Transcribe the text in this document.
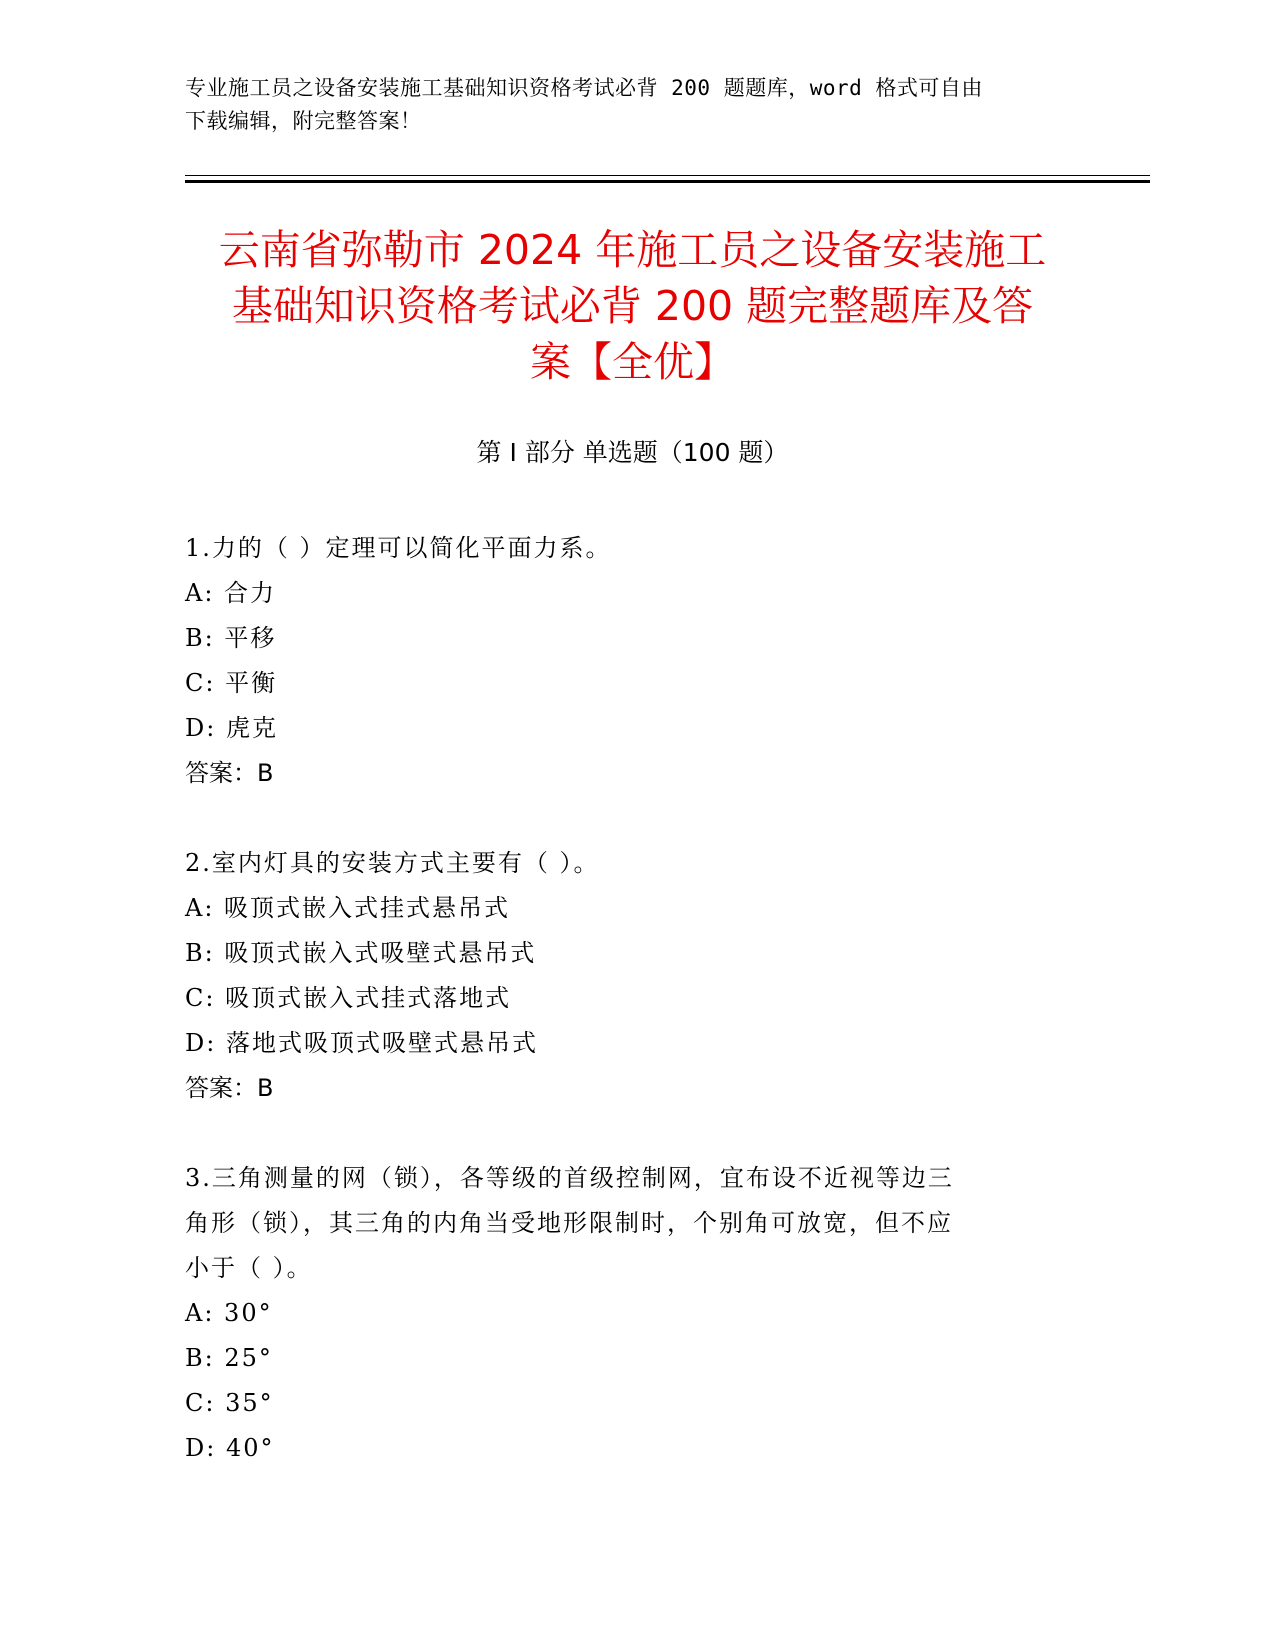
专业施工员之设备安装施工基础知识资格考试必背 200 题题库，word 格式可自由
下载编辑，附完整答案！
云南省弥勒市 2024 年施工员之设备安装施工
基础知识资格考试必背 200 题完整题库及答
案【全优】
第 I 部分 单选题（100 题）
1.力的（ ）定理可以简化平面力系。
A: 合力
B: 平移
C: 平衡
D: 虎克
答案：B
2.室内灯具的安装方式主要有（ ）。
A: 吸顶式嵌入式挂式悬吊式
B: 吸顶式嵌入式吸壁式悬吊式
C: 吸顶式嵌入式挂式落地式
D: 落地式吸顶式吸壁式悬吊式
答案：B
3.三角测量的网（锁），各等级的首级控制网，宜布设不近视等边三
角形（锁），其三角的内角当受地形限制时，个别角可放宽，但不应
小于（ ）。
A: 30°
B: 25°
C: 35°
D: 40°
